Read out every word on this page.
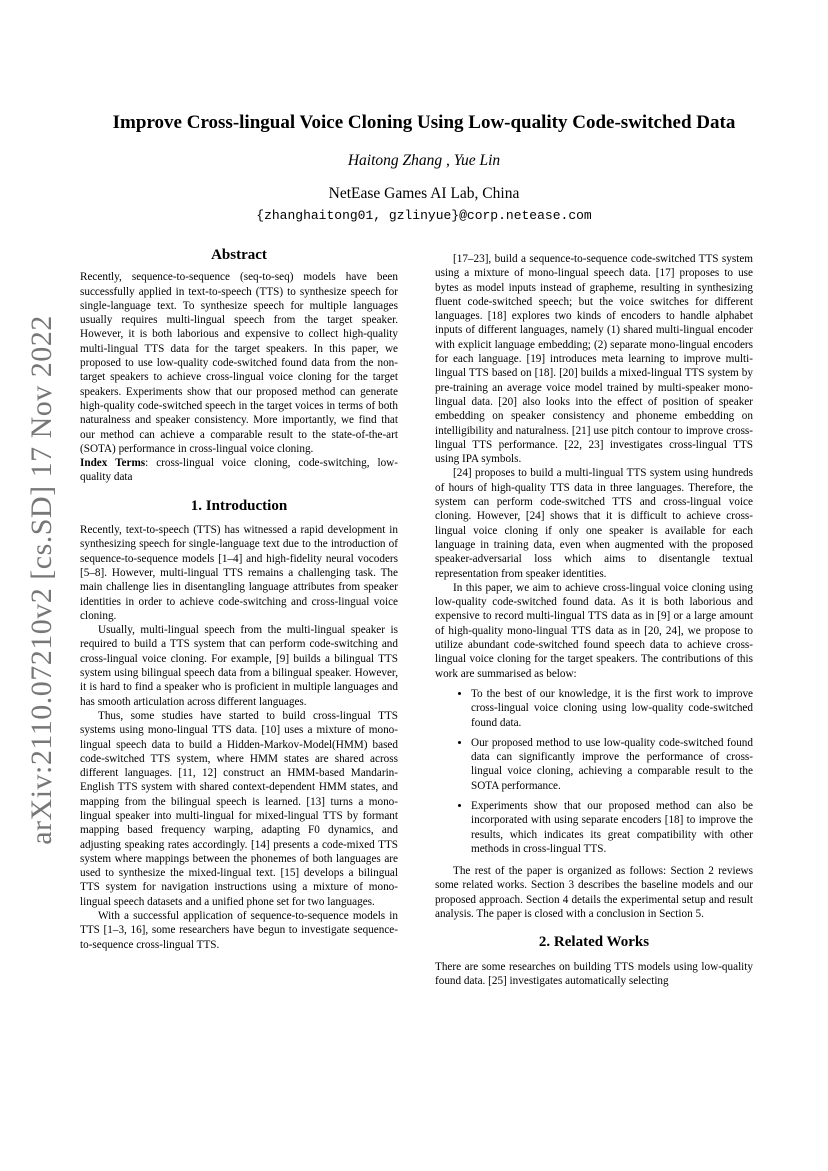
arXiv:2110.07210v2 [cs.SD] 17 Nov 2022
Improve Cross-lingual Voice Cloning Using Low-quality Code-switched Data
Haitong Zhang , Yue Lin
NetEase Games AI Lab, China
{zhanghaitong01, gzlinyue}@corp.netease.com
Abstract

Recently, sequence-to-sequence (seq-to-seq) models have been successfully applied in text-to-speech (TTS) to synthesize speech for single-language text. To synthesize speech for multiple languages usually requires multi-lingual speech from the target speaker. However, it is both laborious and expensive to collect high-quality multi-lingual TTS data for the target speakers. In this paper, we proposed to use low-quality code-switched found data from the non-target speakers to achieve cross-lingual voice cloning for the target speakers. Experiments show that our proposed method can generate high-quality code-switched speech in the target voices in terms of both naturalness and speaker consistency. More importantly, we find that our method can achieve a comparable result to the state-of-the-art (SOTA) performance in cross-lingual voice cloning.

Index Terms: cross-lingual voice cloning, code-switching, low-quality data

1. Introduction

Recently, text-to-speech (TTS) has witnessed a rapid development in synthesizing speech for single-language text due to the introduction of sequence-to-sequence models [1–4] and high-fidelity neural vocoders [5–8]. However, multi-lingual TTS remains a challenging task. The main challenge lies in disentangling language attributes from speaker identities in order to achieve code-switching and cross-lingual voice cloning.

Usually, multi-lingual speech from the multi-lingual speaker is required to build a TTS system that can perform code-switching and cross-lingual voice cloning. For example, [9] builds a bilingual TTS system using bilingual speech data from a bilingual speaker. However, it is hard to find a speaker who is proficient in multiple languages and has smooth articulation across different languages.

Thus, some studies have started to build cross-lingual TTS systems using mono-lingual TTS data. [10] uses a mixture of mono-lingual speech data to build a Hidden-Markov-Model(HMM) based code-switched TTS system, where HMM states are shared across different languages. [11, 12] construct an HMM-based Mandarin-English TTS system with shared context-dependent HMM states, and mapping from the bilingual speech is learned. [13] turns a mono-lingual speaker into multi-lingual for mixed-lingual TTS by formant mapping based frequency warping, adapting F0 dynamics, and adjusting speaking rates accordingly. [14] presents a code-mixed TTS system where mappings between the phonemes of both languages are used to synthesize the mixed-lingual text. [15] develops a bilingual TTS system for navigation instructions using a mixture of mono-lingual speech datasets and a unified phone set for two languages.

With a successful application of sequence-to-sequence models in TTS [1–3, 16], some researchers have begun to investigate sequence-to-sequence cross-lingual TTS.

[17–23], build a sequence-to-sequence code-switched TTS system using a mixture of mono-lingual speech data. [17] proposes to use bytes as model inputs instead of grapheme, resulting in synthesizing fluent code-switched speech; but the voice switches for different languages. [18] explores two kinds of encoders to handle alphabet inputs of different languages, namely (1) shared multi-lingual encoder with explicit language embedding; (2) separate mono-lingual encoders for each language. [19] introduces meta learning to improve multi-lingual TTS based on [18]. [20] builds a mixed-lingual TTS system by pre-training an average voice model trained by multi-speaker mono-lingual data. [20] also looks into the effect of position of speaker embedding on speaker consistency and phoneme embedding on intelligibility and naturalness. [21] use pitch contour to improve cross-lingual TTS performance. [22, 23] investigates cross-lingual TTS using IPA symbols.

[24] proposes to build a multi-lingual TTS system using hundreds of hours of high-quality TTS data in three languages. Therefore, the system can perform code-switched TTS and cross-lingual voice cloning. However, [24] shows that it is difficult to achieve cross-lingual voice cloning if only one speaker is available for each language in training data, even when augmented with the proposed speaker-adversarial loss which aims to disentangle textual representation from speaker identities.

In this paper, we aim to achieve cross-lingual voice cloning using low-quality code-switched found data. As it is both laborious and expensive to record multi-lingual TTS data as in [9] or a large amount of high-quality mono-lingual TTS data as in [20, 24], we propose to utilize abundant code-switched found speech data to achieve cross-lingual voice cloning for the target speakers. The contributions of this work are summarised as below:

• To the best of our knowledge, it is the first work to improve cross-lingual voice cloning using low-quality code-switched found data.
• Our proposed method to use low-quality code-switched found data can significantly improve the performance of cross-lingual voice cloning, achieving a comparable result to the SOTA performance.
• Experiments show that our proposed method can also be incorporated with using separate encoders [18] to improve the results, which indicates its great compatibility with other methods in cross-lingual TTS.

The rest of the paper is organized as follows: Section 2 reviews some related works. Section 3 describes the baseline models and our proposed approach. Section 4 details the experimental setup and result analysis. The paper is closed with a conclusion in Section 5.

2. Related Works

There are some researches on building TTS models using low-quality found data. [25] investigates automatically selecting
